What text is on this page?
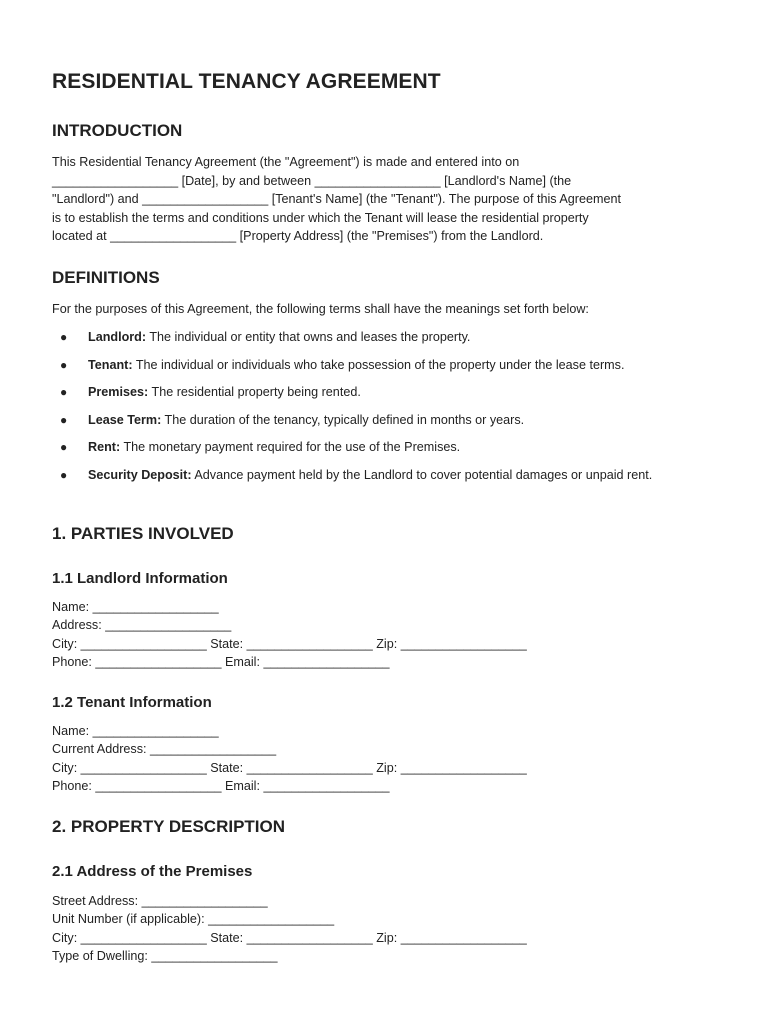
RESIDENTIAL TENANCY AGREEMENT
INTRODUCTION
This Residential Tenancy Agreement (the "Agreement") is made and entered into on
__________________ [Date], by and between __________________ [Landlord's Name] (the
"Landlord") and __________________ [Tenant's Name] (the "Tenant"). The purpose of this Agreement
is to establish the terms and conditions under which the Tenant will lease the residential property
located at __________________ [Property Address] (the "Premises") from the Landlord.
DEFINITIONS

For the purposes of this Agreement, the following terms shall have the meanings set forth below:

● Landlord: The individual or entity that owns and leases the property.
● Tenant: The individual or individuals who take possession of the property under the lease terms.
● Premises: The residential property being rented.
● Lease Term: The duration of the tenancy, typically defined in months or years.
● Rent: The monetary payment required for the use of the Premises.
● Security Deposit: Advance payment held by the Landlord to cover potential damages or unpaid rent.
1. PARTIES INVOLVED
1.1 Landlord Information
Name: __________________
Address: __________________
City: __________________ State: __________________ Zip: __________________
Phone: __________________ Email: __________________
1.2 Tenant Information
Name: __________________
Current Address: __________________
City: __________________ State: __________________ Zip: __________________
Phone: __________________ Email: __________________
2. PROPERTY DESCRIPTION
2.1 Address of the Premises
Street Address: __________________
Unit Number (if applicable): __________________
City: __________________ State: __________________ Zip: __________________
Type of Dwelling: __________________
